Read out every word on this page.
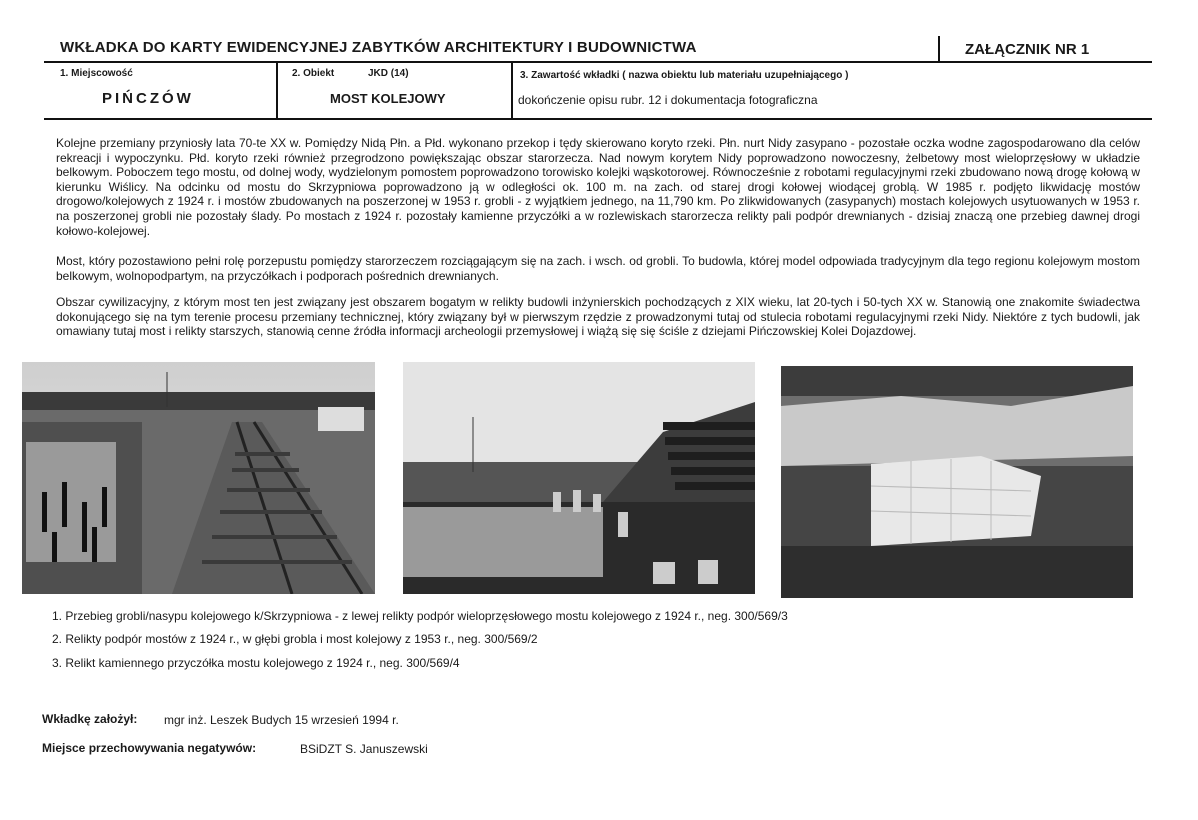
WKŁADKA DO KARTY EWIDENCYJNEJ ZABYTKÓW ARCHITEKTURY I BUDOWNICTWA	ZAŁĄCZNIK NR 1
1. Miejscowość
PIŃCZÓW
2. Obiekt	JKD (14)
MOST KOLEJOWY
3. Zawartość wkładki ( nazwa obiektu lub materiału uzupełniającego )
dokończenie opisu rubr. 12 i dokumentacja fotograficzna
Kolejne przemiany przyniosły lata 70-te XX w. Pomiędzy Nidą Płn. a Płd. wykonano przekop i tędy skierowano koryto rzeki. Płn. nurt Nidy zasypano - pozostałe oczka wodne zagospodarowano dla celów rekreacji i wypoczynku. Płd. koryto rzeki również przegrodzono powiększając obszar starorzecza. Nad nowym korytem Nidy poprowadzono nowoczesny, żelbetowy most wieloprzęsłowy w układzie belkowym. Poboczem tego mostu, od dolnej wody, wydzielonym pomostem poprowadzono torowisko kolejki wąskotorowej. Równocześnie z robotami regulacyjnymi rzeki zbudowano nową drogę kołową w kierunku Wiślicy. Na odcinku od mostu do Skrzypniowa poprowadzono ją w odległości ok. 100 m. na zach. od starej drogi kołowej wiodącej groblą. W 1985 r. podjęto likwidację mostów drogowo/kolejowych z 1924 r. i mostów zbudowanych na poszerzonej w 1953 r. grobli - z wyjątkiem jednego, na 11,790 km. Po zlikwidowanych (zasypanych) mostach kolejowych usytuowanych w 1953 r. na poszerzonej grobli nie pozostały ślady. Po mostach z 1924 r. pozostały kamienne przyczółki a w rozlewiskach starorzecza relikty pali podpór drewnianych - dzisiaj znaczą one przebieg dawnej drogi kołowo-kolejowej.
Most, który pozostawiono pełni rolę porzepustu pomiędzy starorzeczem rozciągającym się na zach. i wsch. od grobli. To budowla, której model odpowiada tradycyjnym dla tego regionu kolejowym mostom belkowym, wolnopodpartym, na przyczółkach i podporach pośrednich drewnianych.
Obszar cywilizacyjny, z którym most ten jest związany jest obszarem bogatym w relikty budowli inżynierskich pochodzących z XIX wieku, lat 20-tych i 50-tych XX w. Stanowią one znakomite świadectwa dokonującego się na tym terenie procesu przemiany technicznej, który związany był w pierwszym rzędzie z prowadzonymi tutaj od stulecia robotami regulacyjnymi rzeki Nidy. Niektóre z tych budowli, jak omawiany tutaj most i relikty starszych, stanowią cenne źródła informacji archeologii przemysłowej i wiążą się się ściśle z dziejami Pińczowskiej Kolei Dojazdowej.
1. Przebieg grobli/nasypu kolejowego k/Skrzypniowa - z lewej relikty podpór wieloprzęsłowego mostu kolejowego z 1924 r., neg. 300/569/3
2. Relikty podpór mostów z 1924 r., w głębi grobla i most kolejowy z 1953 r., neg. 300/569/2
3. Relikt kamiennego przyczółka mostu kolejowego z 1924 r., neg. 300/569/4
Wkładkę założył: mgr inż. Leszek Budych 15 wrzesień 1994 r.
Miejsce przechowywania negatywów:	BSiDZT S. Januszewski
